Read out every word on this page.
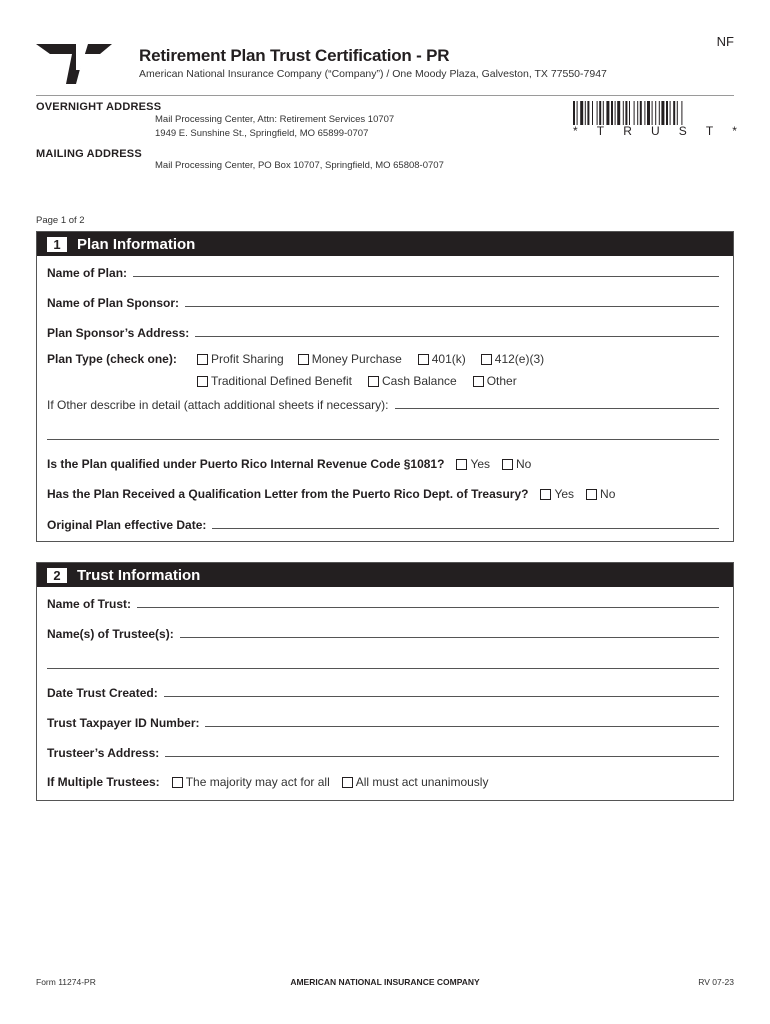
NF
Retirement Plan Trust Certification - PR
American National Insurance Company (“Company”) / One Moody Plaza, Galveston, TX 77550-7947
OVERNIGHT ADDRESS
Mail Processing Center, Attn: Retirement Services 10707
1949 E. Sunshine St., Springfield, MO 65899-0707
MAILING ADDRESS
Mail Processing Center, PO Box 10707, Springfield, MO 65808-0707
* T R U S T *
Page 1 of 2
1	Plan Information
Name of Plan:
Name of Plan Sponsor:
Plan Sponsor’s Address:
Plan Type (check one):	Profit Sharing Money Purchase	401(k) 412(e)(3)
Traditional Defined Benefit	Cash Balance	Other
If Other describe in detail (attach additional sheets if necessary):
Is the Plan qualified under Puerto Rico Internal Revenue Code §1081? Yes No
Has the Plan Received a Qualification Letter from the Puerto Rico Dept. of Treasury? Yes No
Original Plan effective Date:
2	Trust Information
Name of Trust:
Name(s) of Trustee(s):
Date Trust Created:
Trust Taxpayer ID Number:
Trusteer’s Address:
If Multiple Trustees: The majority may act for all All must act unanimously
Form 11274-PR	AMERICAN NATIONAL INSURANCE COMPANY	RV 07-23
